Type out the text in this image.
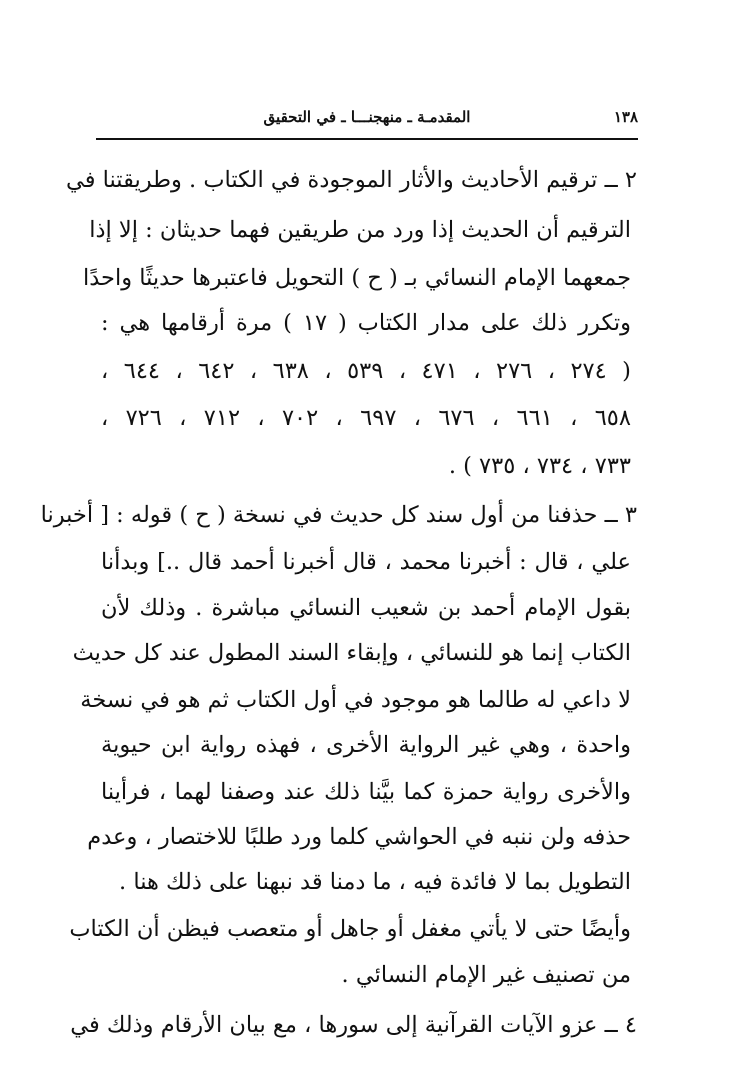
١٣٨
المقدمـة ـ منهجنـــا ـ في التحقيق
٢ ــ ترقيم الأحاديث والأثار الموجودة في الكتاب . وطريقتنا في
الترقيم أن الحديث إذا ورد من طريقين فهما حديثان : إلا إذا
جمعهما الإمام النسائي بـ ( ح ) التحويل فاعتبرها حديثًا واحدًا
وتكرر ذلك على مدار الكتاب ( ١٧ ) مرة أرقامها هي :
( ٢٧٤ ، ٢٧٦ ، ٤٧١ ، ٥٣٩ ، ٦٣٨ ، ٦٤٢ ، ٦٤٤ ،
٦٥٨ ، ٦٦١ ، ٦٧٦ ، ٦٩٧ ، ٧٠٢ ، ٧١٢ ، ٧٢٦ ،
٧٣٣ ، ٧٣٤ ، ٧٣٥ ) .
٣ ــ حذفنا من أول سند كل حديث في نسخة ( ح ) قوله : [ أخبرنا
علي ، قال : أخبرنا محمد ، قال أخبرنا أحمد قال ..] وبدأنا
بقول الإمام أحمد بن شعيب النسائي مباشرة . وذلك لأن
الكتاب إنما هو للنسائي ، وإبقاء السند المطول عند كل حديث
لا داعي له طالما هو موجود في أول الكتاب ثم هو في نسخة
واحدة ، وهي غير الرواية الأخرى ، فهذه رواية ابن حيوية
والأخرى رواية حمزة كما بيَّنا ذلك عند وصفنا لهما ، فرأينا
حذفه ولن ننبه في الحواشي كلما ورد طلبًا للاختصار ، وعدم
التطويل بما لا فائدة فيه ، ما دمنا قد نبهنا على ذلك هنا .
وأيضًا حتى لا يأتي مغفل أو جاهل أو متعصب فيظن أن الكتاب
من تصنيف غير الإمام النسائي .
٤ ــ عزو الآيات القرآنية إلى سورها ، مع بيان الأرقام وذلك في
